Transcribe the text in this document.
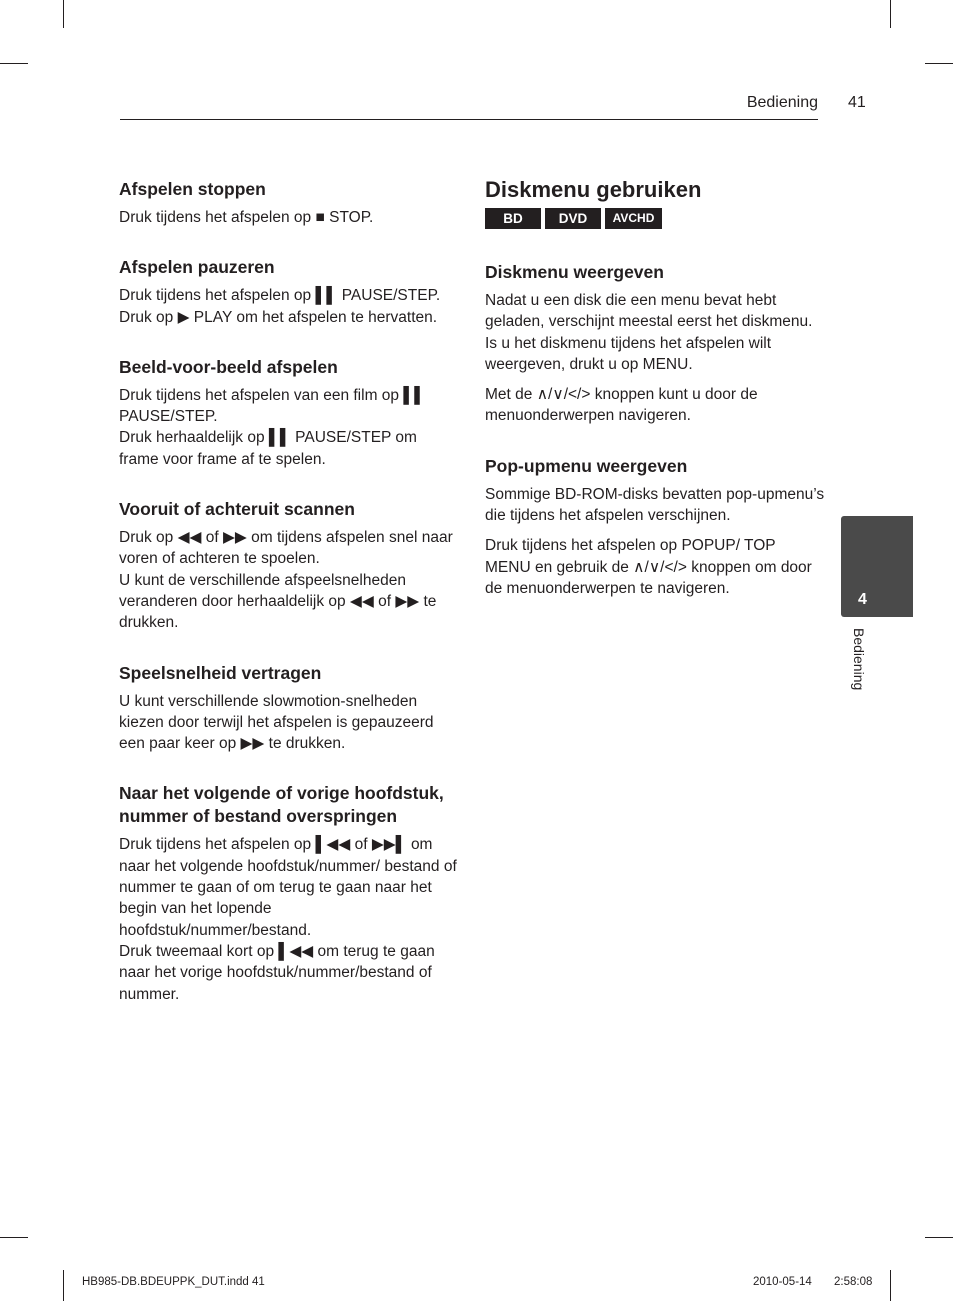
Bediening 41
Afspelen stoppen

Druk tijdens het afspelen op ■ STOP.

Afspelen pauzeren

Druk tijdens het afspelen op ▌▌ PAUSE/STEP.

Druk op ▶ PLAY om het afspelen te hervatten.

Beeld-voor-beeld afspelen

Druk tijdens het afspelen van een film op ▌▌ PAUSE/STEP.

Druk herhaaldelijk op ▌▌ PAUSE/STEP om frame voor frame af te spelen.

Vooruit of achteruit scannen

Druk op ◀◀ of ▶▶ om tijdens afspelen snel naar voren of achteren te spoelen.

U kunt de verschillende afspeelsnelheden veranderen door herhaaldelijk op ◀◀ of ▶▶ te drukken.

Speelsnelheid vertragen

U kunt verschillende slowmotion-snelheden kiezen door terwijl het afspelen is gepauzeerd een paar keer op ▶▶ te drukken.

Naar het volgende of vorige hoofdstuk, nummer of bestand overspringen

Druk tijdens het afspelen op ▌◀◀ of ▶▶▌ om naar het volgende hoofdstuk/nummer/ bestand of nummer te gaan of om terug te gaan naar het begin van het lopende hoofdstuk/nummer/bestand.

Druk tweemaal kort op ▌◀◀ om terug te gaan naar het vorige hoofdstuk/nummer/bestand of nummer.

Diskmenu gebruiken
BD	DVD	AVCHD
Diskmenu weergeven

Nadat u een disk die een menu bevat hebt geladen, verschijnt meestal eerst het diskmenu. Is u het diskmenu tijdens het afspelen wilt weergeven, drukt u op MENU.

Met de ∧/∨/</> knoppen kunt u door de menuonderwerpen navigeren.

Pop-upmenu weergeven

Sommige BD-ROM-disks bevatten pop-upmenu’s die tijdens het afspelen verschijnen.

Druk tijdens het afspelen op POPUP/ TOP MENU en gebruik de ∧/∨/</> knoppen om door de menuonderwerpen te navigeren.

4
Bediening
HB985-DB.BDEUPPK_DUT.indd 41	2010-05-14 2:58:08
